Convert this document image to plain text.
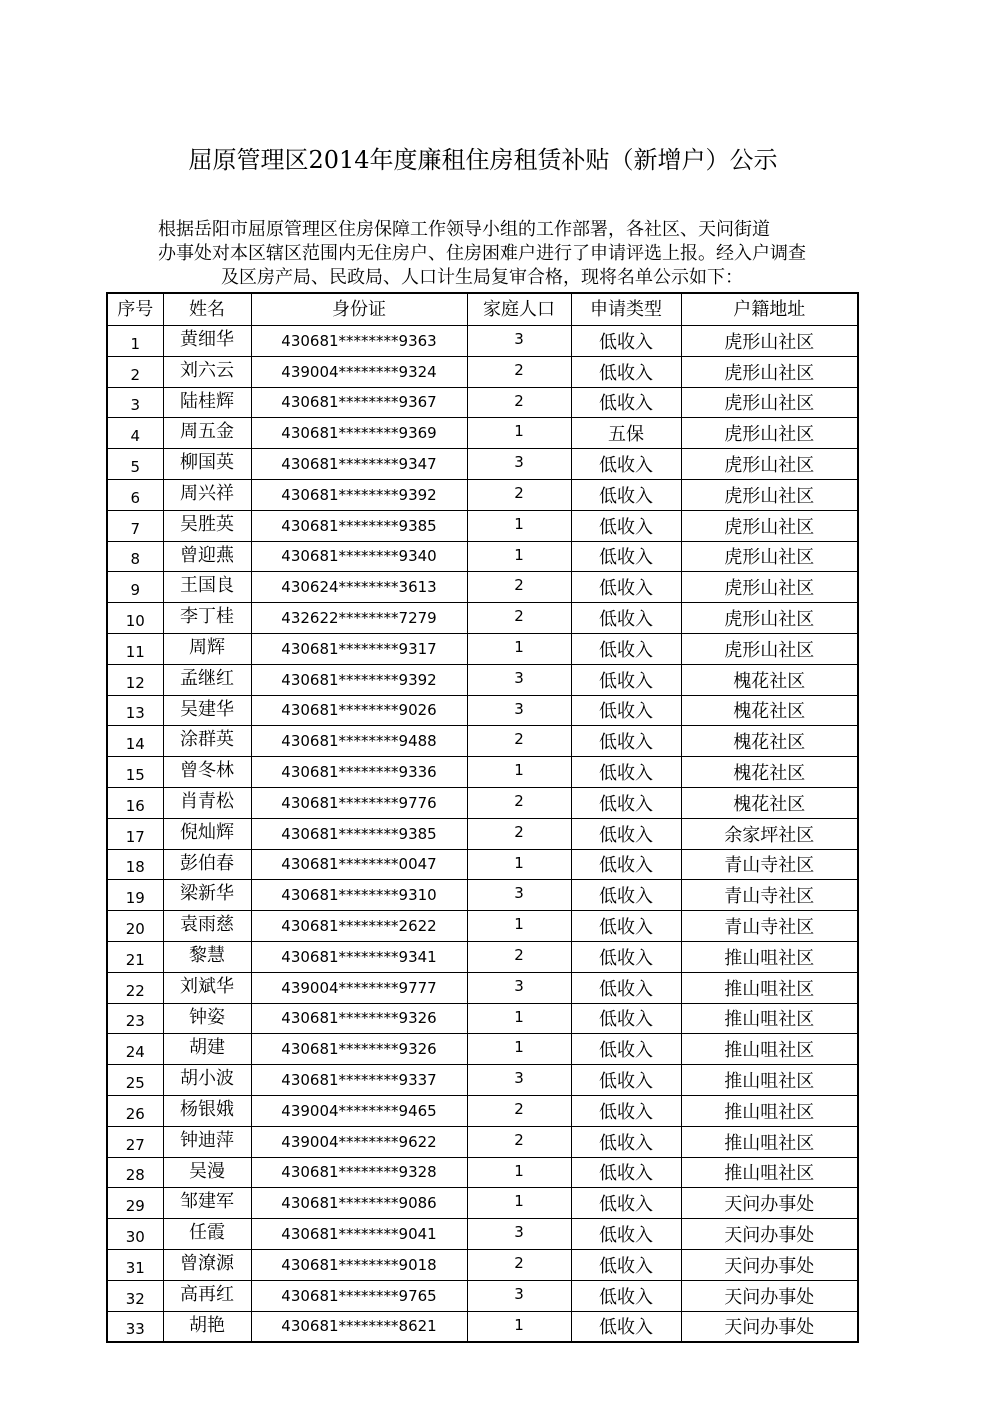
屈原管理区2014年度廉租住房租赁补贴（新增户）公示
根据岳阳市屈原管理区住房保障工作领导小组的工作部署，各社区、天问街道
办事处对本区辖区范围内无住房户、住房困难户进行了申请评选上报。经入户调查
及区房产局、民政局、人口计生局复审合格，现将名单公示如下：
序号	姓名	身份证	家庭人口	申请类型	户籍地址
1	黄细华	430681********9363	3	低收入	虎形山社区
2	刘六云	439004********9324	2	低收入	虎形山社区
3	陆桂辉	430681********9367	2	低收入	虎形山社区
4	周五金	430681********9369	1	五保	虎形山社区
5	柳国英	430681********9347	3	低收入	虎形山社区
6	周兴祥	430681********9392	2	低收入	虎形山社区
7	吴胜英	430681********9385	1	低收入	虎形山社区
8	曾迎燕	430681********9340	1	低收入	虎形山社区
9	王国良	430624********3613	2	低收入	虎形山社区
10	李丁桂	432622********7279	2	低收入	虎形山社区
11	周辉	430681********9317	1	低收入	虎形山社区
12	孟继红	430681********9392	3	低收入	槐花社区
13	吴建华	430681********9026	3	低收入	槐花社区
14	涂群英	430681********9488	2	低收入	槐花社区
15	曾冬林	430681********9336	1	低收入	槐花社区
16	肖青松	430681********9776	2	低收入	槐花社区
17	倪灿辉	430681********9385	2	低收入	余家坪社区
18	彭伯春	430681********0047	1	低收入	青山寺社区
19	梁新华	430681********9310	3	低收入	青山寺社区
20	袁雨慈	430681********2622	1	低收入	青山寺社区
21	黎慧	430681********9341	2	低收入	推山咀社区
22	刘斌华	439004********9777	3	低收入	推山咀社区
23	钟姿	430681********9326	1	低收入	推山咀社区
24	胡建	430681********9326	1	低收入	推山咀社区
25	胡小波	430681********9337	3	低收入	推山咀社区
26	杨银娥	439004********9465	2	低收入	推山咀社区
27	钟迪萍	439004********9622	2	低收入	推山咀社区
28	吴漫	430681********9328	1	低收入	推山咀社区
29	邹建军	430681********9086	1	低收入	天问办事处
30	任霞	430681********9041	3	低收入	天问办事处
31	曾潦源	430681********9018	2	低收入	天问办事处
32	高再红	430681********9765	3	低收入	天问办事处
33	胡艳	430681********8621	1	低收入	天问办事处
